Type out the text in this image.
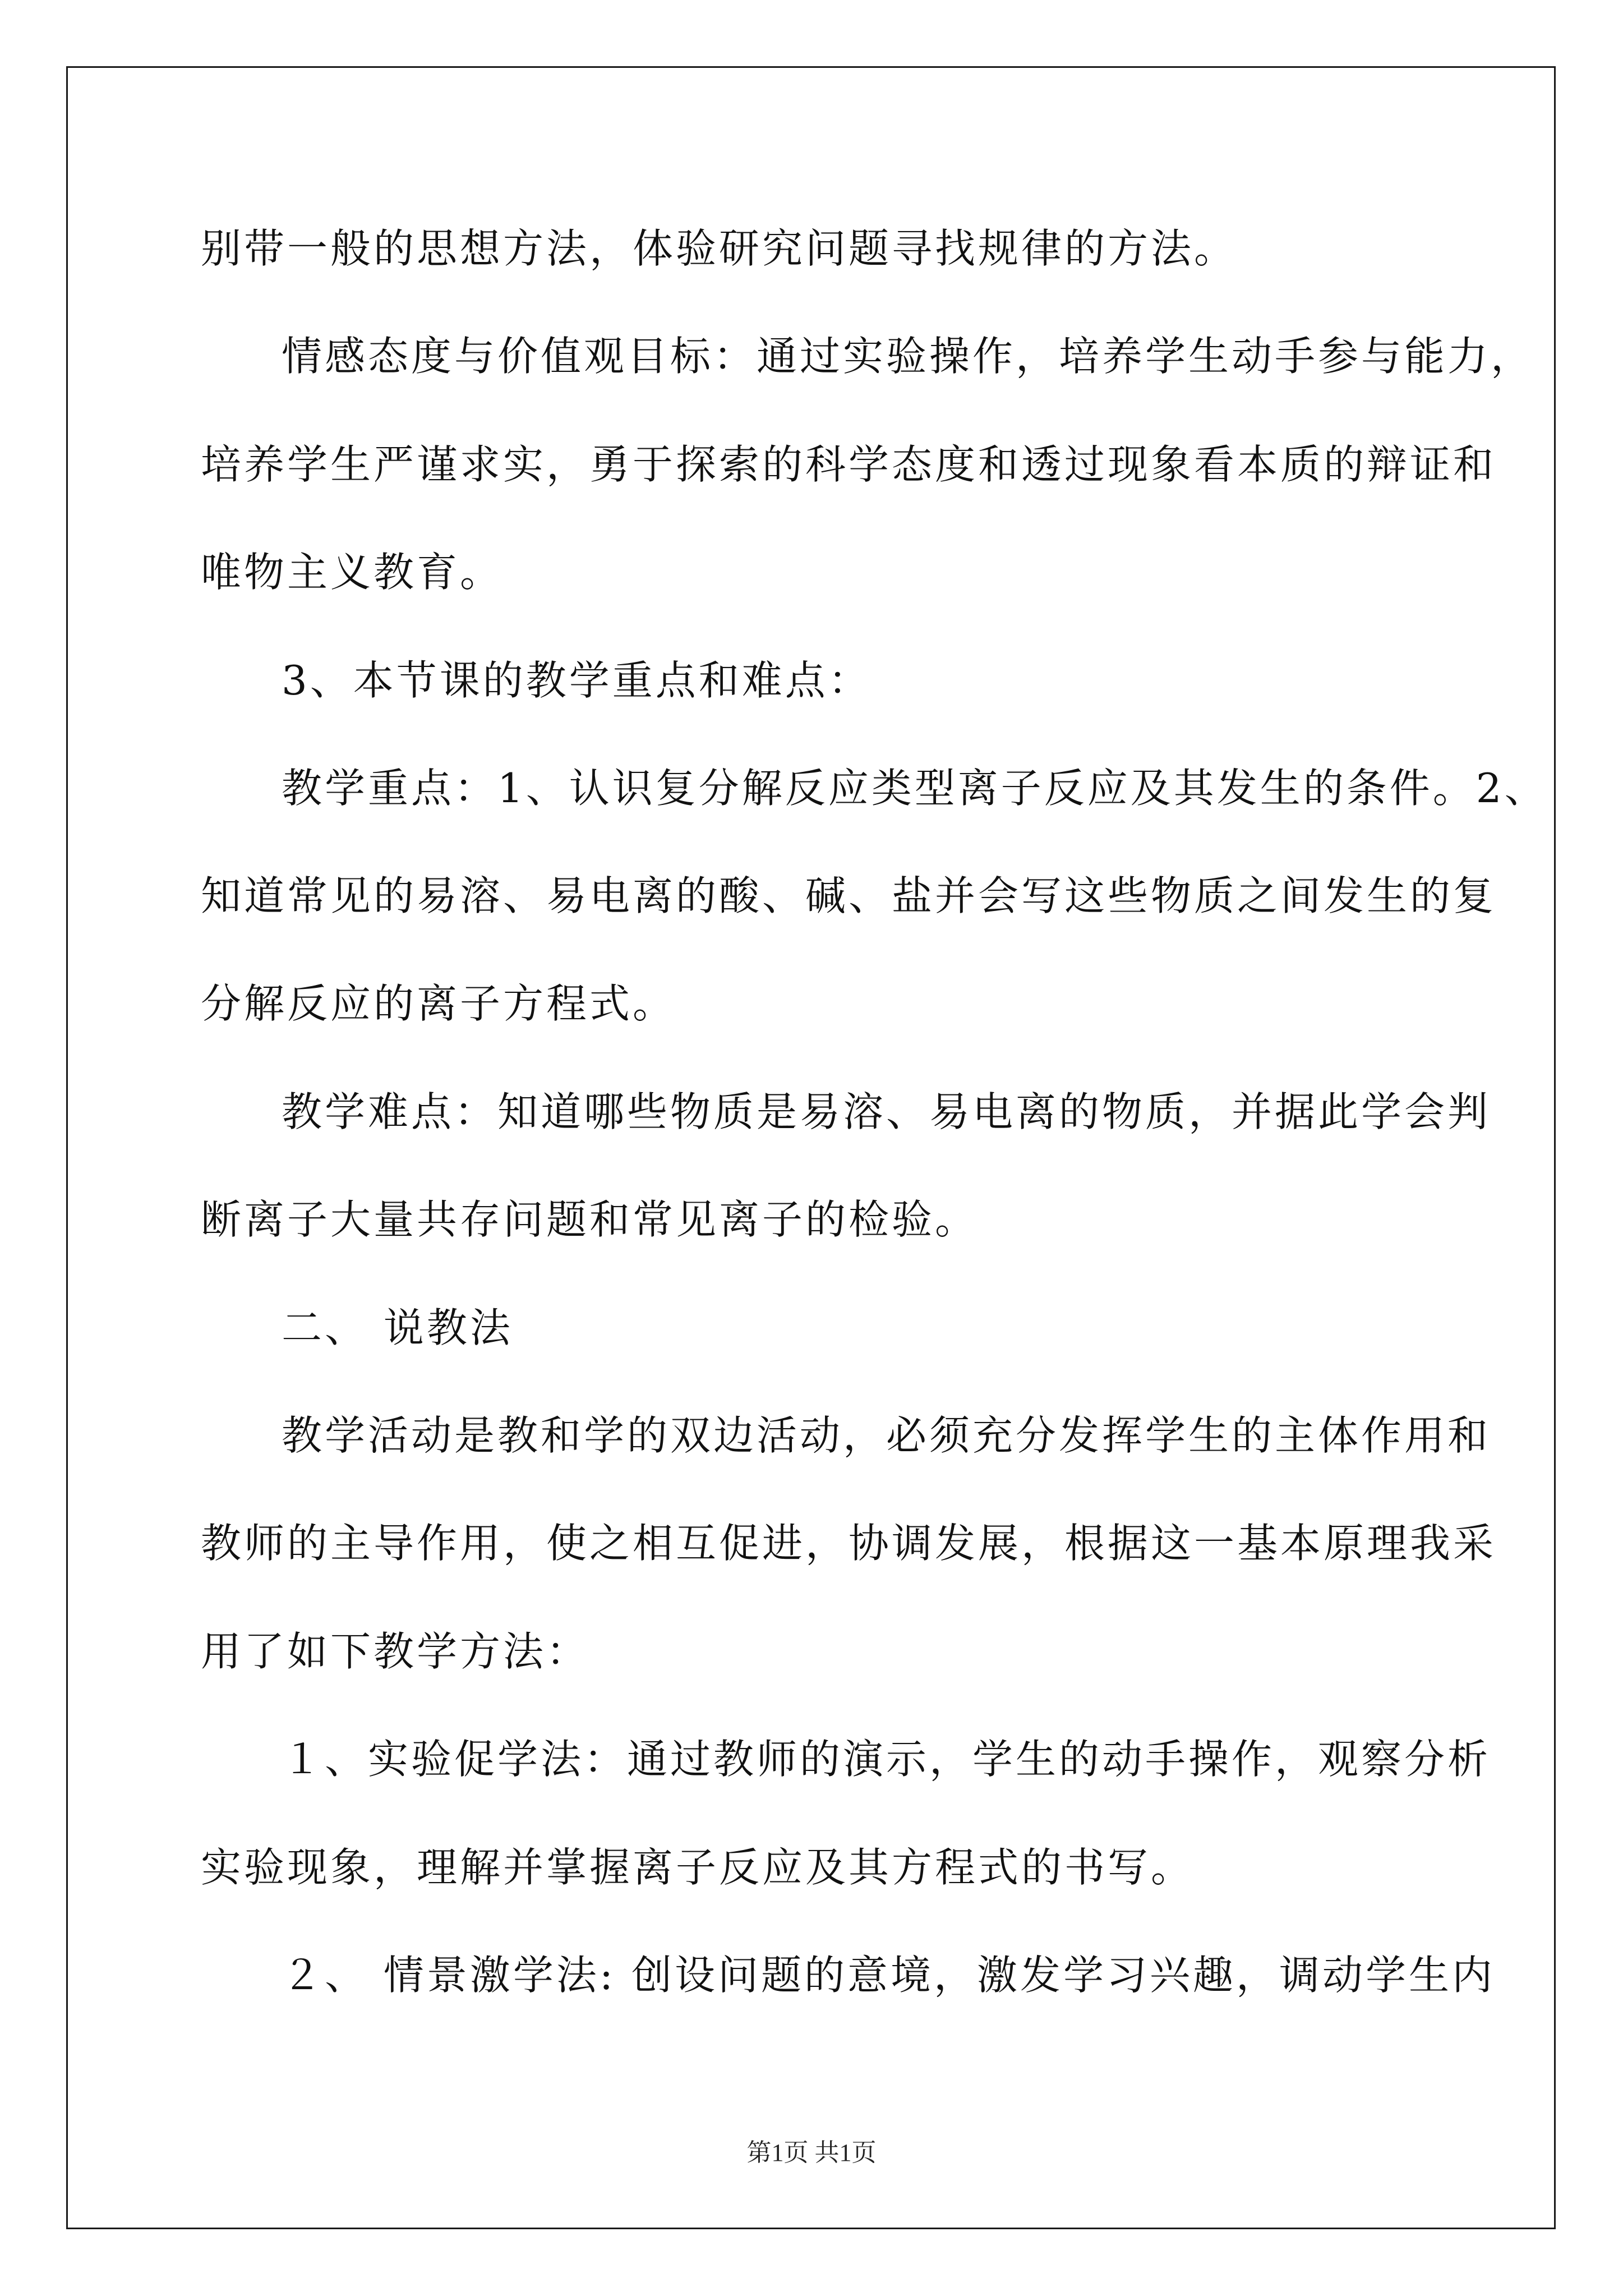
别带一般的思想方法，体验研究问题寻找规律的方法。
情感态度与价值观目标：通过实验操作，培养学生动手参与能力，
培养学生严谨求实，勇于探索的科学态度和透过现象看本质的辩证和
唯物主义教育。
3、本节课的教学重点和难点：
教学重点：1、认识复分解反应类型离子反应及其发生的条件。2、
知道常见的易溶、易电离的酸、碱、盐并会写这些物质之间发生的复
分解反应的离子方程式。
教学难点：知道哪些物质是易溶、易电离的物质，并据此学会判
断离子大量共存问题和常见离子的检验。
二、 说教法
教学活动是教和学的双边活动，必须充分发挥学生的主体作用和
教师的主导作用，使之相互促进，协调发展，根据这一基本原理我采
用了如下教学方法：
１、实验促学法：通过教师的演示，学生的动手操作，观察分析
实验现象，理解并掌握离子反应及其方程式的书写。
２、 情景激学法: 创设问题的意境，激发学习兴趣，调动学生内
第1页 共1页
